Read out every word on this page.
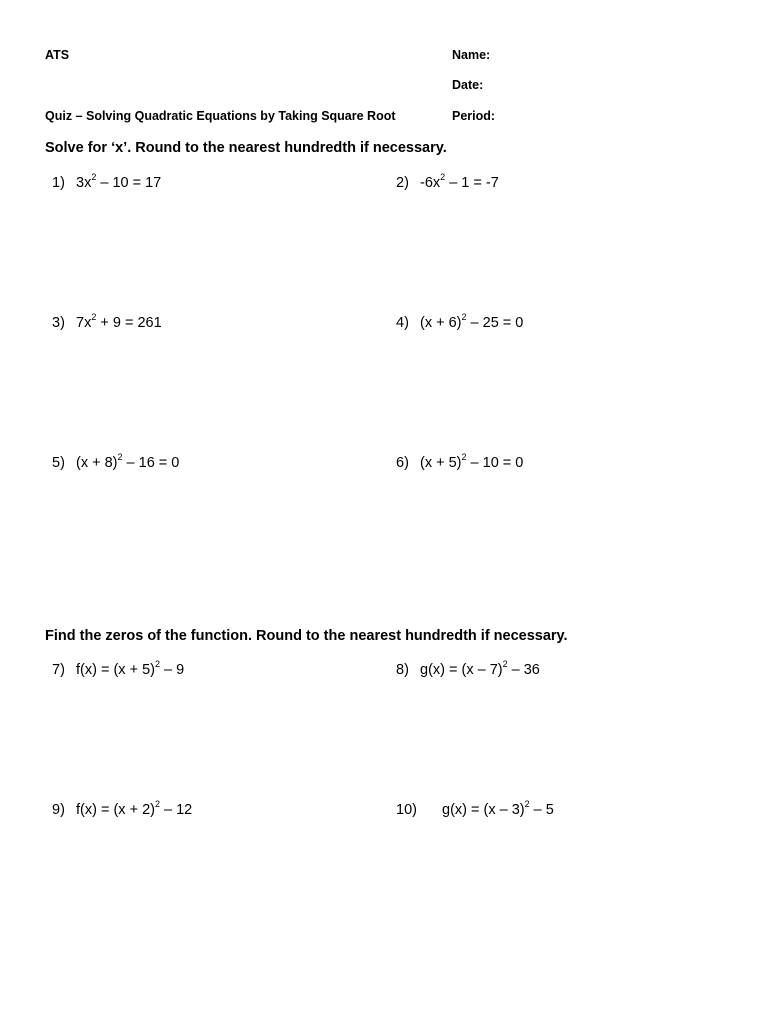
ATS	Name:
Date:
Quiz – Solving Quadratic Equations by Taking Square Root	Period:
Solve for ‘x’. Round to the nearest hundredth if necessary.
1) $3x^2 - 10 = 17$	2) $-6x^2 - 1 = -7$
3) $7x^2 + 9 = 261$	4) $(x + 6)^2 - 25 = 0$
5) $(x + 8)^2 - 16 = 0$	6) $(x + 5)^2 - 10 = 0$
Find the zeros of the function. Round to the nearest hundredth if necessary.
7) $f(x) = (x + 5)^2 - 9$	8) g(x) = (x – 7)$^2$ – 36
9) $f(x) = (x + 2)^2 - 12$	10) g(x) = (x – 3)$^2$ – 5
